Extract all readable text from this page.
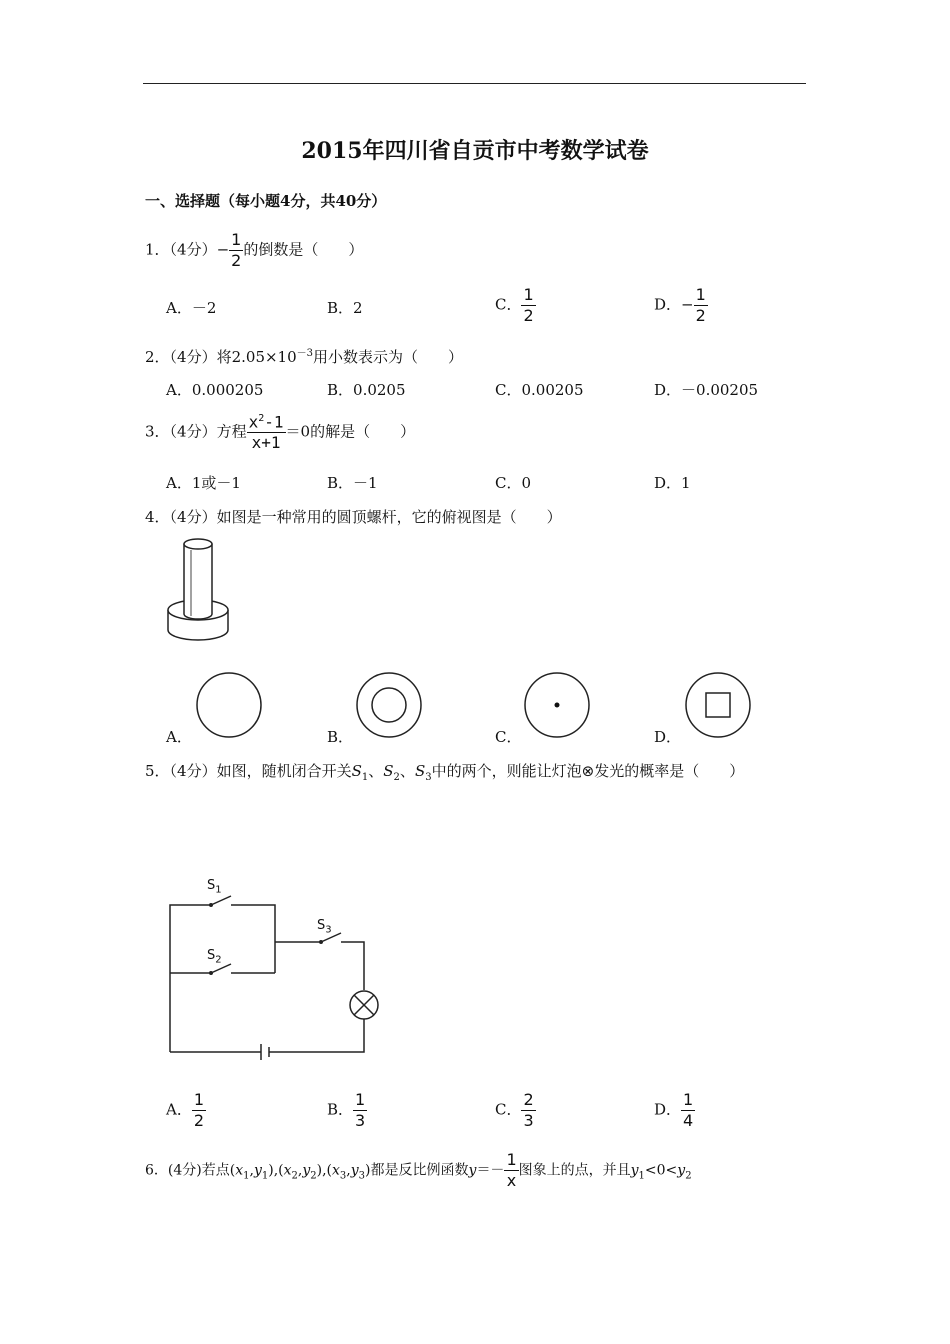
2015年四川省自贡市中考数学试卷
一、选择题（每小题4分，共40分）
1．（4分）− $\frac{1}{2}$ 的倒数是（　　）
A．－2	B．2	C． $\frac{1}{2}$	D．− $\frac{1}{2}$
2．（4分）将$2.05\times 10^{-3}$用小数表示为（　　）
A．0.000205	B．0.0205	C．0.00205	D．－0.00205
3．（4分）方程 $\frac{x^2-1}{x+1} =0$的解是（　　）
A．1或－1	B．－1	C．0	D．1
4．（4分）如图是一种常用的圆顶螺杆，它的俯视图是（　　）
A．	B．	C．	D．
5．（4分）如图，随机闭合开关$S_1$、$S_2$、$S_3$中的两个，则能让灯泡⊗发光的概率是（　　）
$S_1$
$S_2$
$S_3$
A． $\frac{1}{2}$	B． $\frac{1}{3}$	C． $\frac{2}{3}$	D． $\frac{1}{4}$
6．(4分)若点$(x_1,y_1),(x_2,y_2),(x_3,y_3)$都是反比例函数$y=- \frac{1}{x}$ 图象上的点，并且$y_1<0<y_2$
